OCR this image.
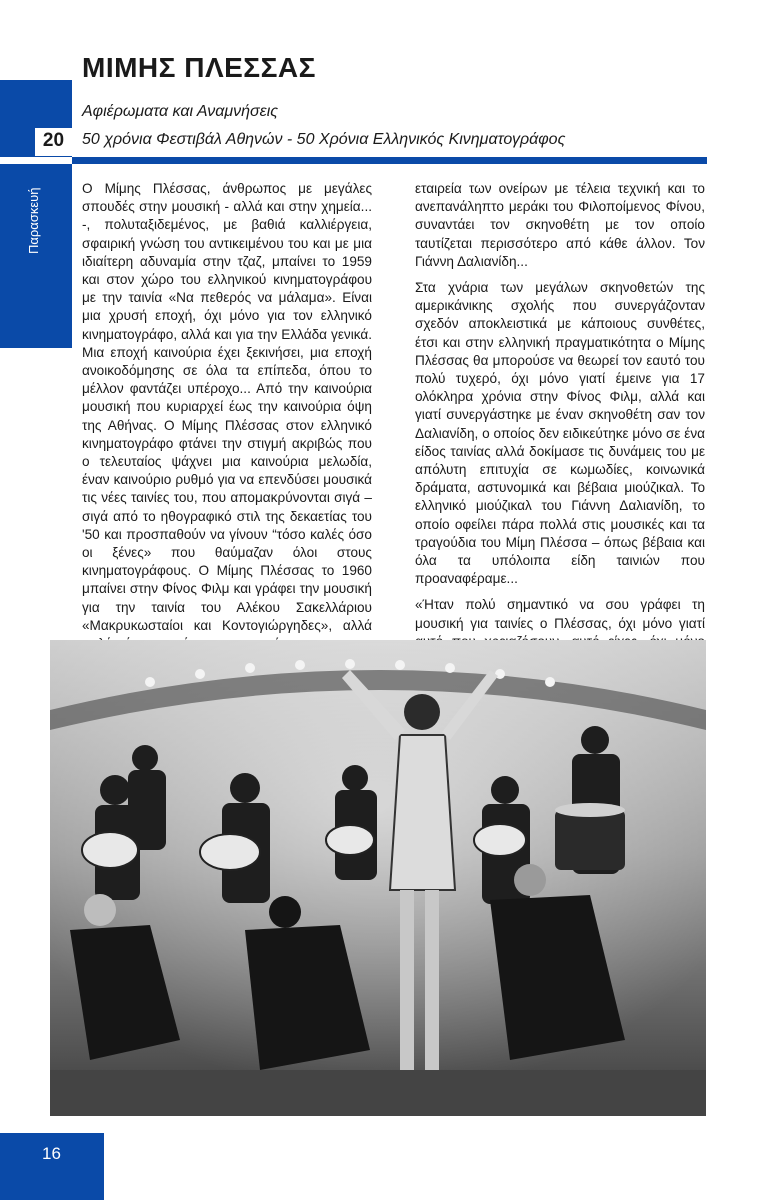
ΜΙΜΗΣ ΠΛΕΣΣΑΣ
20
Αφιέρωματα και Αναμνήσεις
50 χρόνια Φεστιβάλ Αθηνών - 50 Χρόνια Ελληνικός Κινηματογράφος
Παρασκευή	Ο Μίμης Πλέσσας, άνθρωπος με μεγάλες σπουδές στην μουσική - αλλά και στην χημεία... -, πολυταξιδεμένος, με βαθιά καλλιέργεια, σφαιρική γνώση του αντικειμένου του και με μια ιδιαίτερη αδυναμία στην τζαζ, μπαίνει το 1959 και στον χώρο του ελληνικού κινηματογράφου με την ταινία «Να πεθερός να μάλαμα». Είναι μια χρυσή εποχή, όχι μόνο για τον ελληνικό κινηματογράφο, αλλά και για την Ελλάδα γενικά. Μια εποχή καινούρια έχει ξεκινήσει, μια εποχή ανοικοδόμησης σε όλα τα επίπεδα, όπου το μέλλον φαντάζει υπέροχο... Από την καινούρια μουσική που κυριαρχεί έως την καινούρια όψη της Αθήνας. Ο Μίμης Πλέσσας στον ελληνικό κινηματογράφο φτάνει την στιγμή ακριβώς που ο τελευταίος ψάχνει μια καινούρια μελωδία, έναν καινούριο ρυθμό για να επενδύσει μουσικά τις νέες ταινίες του, που απομακρύνονται σιγά – σιγά από το ηθογραφικό στιλ της δεκαετίας του '50 και προσπαθούν να γίνουν “τόσο καλές όσο οι ξένες» που θαύμαζαν όλοι στους κινηματογράφους. Ο Μίμης Πλέσσας το 1960 μπαίνει στην Φίνος Φιλμ και γράφει την μουσική για την ταινία του Αλέκου Σακελλάριου «Μακρυκωσταίοι και Κοντογιώργηδες», αλλά

εταιρεία των ονείρων με τέλεια τεχνική και το ανεπανάληπτο μεράκι του Φιλοποίμενος Φίνου, συναντάει τον σκηνοθέτη με τον οποίο ταυτίζεται περισσότερο από κάθε άλλον. Τον Γιάννη Δαλιανίδη...

Στα χνάρια των μεγάλων σκηνοθετών της αμερικάνικης σχολής που συνεργάζονταν σχεδόν αποκλειστικά με κάποιους συνθέτες, έτσι και στην ελληνική πραγματικότητα ο Μίμης Πλέσσας θα μπορούσε να θεωρεί τον εαυτό του πολύ τυχερό, όχι μόνο γιατί έμεινε για 17 ολόκληρα χρόνια στην Φίνος Φιλμ, αλλά και γιατί συνεργάστηκε με έναν σκηνοθέτη σαν τον Δαλιανίδη, ο οποίος δεν ειδικεύτηκε μόνο σε ένα είδος ταινίας αλλά δοκίμασε τις δυνάμεις του με απόλυτη επιτυχία σε κωμωδίες, κοινωνικά δράματα, αστυνομικά και βέβαια μιούζικαλ. Το ελληνικό μιούζικαλ του Γιάννη Δαλιανίδη, το οποίο οφείλει πάρα πολλά στις μουσικές και τα τραγούδια του Μίμη Πλέσσα – όπως βέβαια και όλα τα υπόλοιπα είδη ταινιών που προαναφέραμε...

«Ήταν πολύ σημαντικό να σου γράφει τη μουσική για ταινίες ο Πλέσσας, όχι μόνο γιατί

16
